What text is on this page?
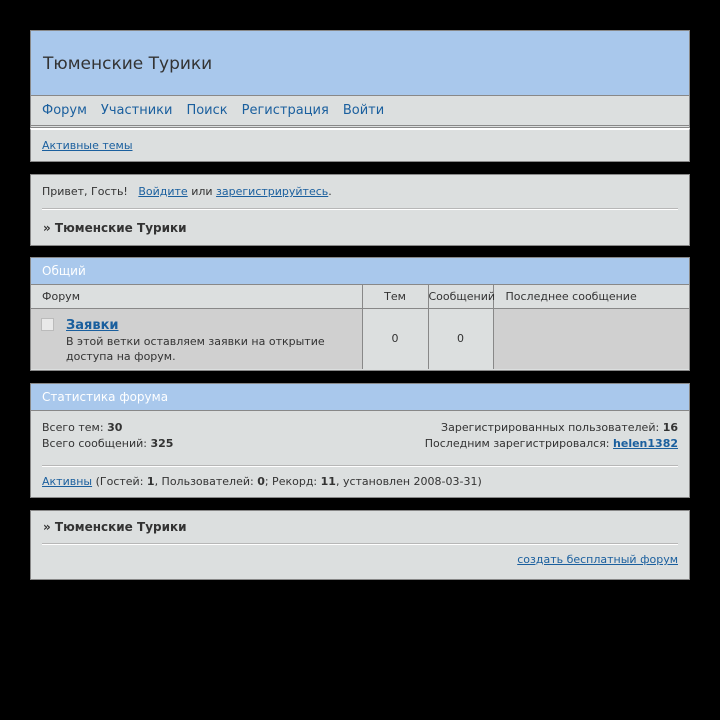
Тюменские Турики
Форум Участники Поиск Регистрация Войти
Активные темы
Привет, Гость! Войдите или зарегистрируйтесь.
» Тюменские Турики
Общий
Форум	Тем	Сообщений	Последнее сообщение

Заявки
В этой ветки оставляем заявки на открытие доступа на форум.	0	0	
Статистика форума
Всего тем: 30	Зарегистрированных пользователей: 16
Всего сообщений: 325	Последним зарегистрировался: helen1382
Активны (Гостей: 1, Пользователей: 0; Рекорд: 11, установлен 2008-03-31)
» Тюменские Турики
создать бесплатный форум
